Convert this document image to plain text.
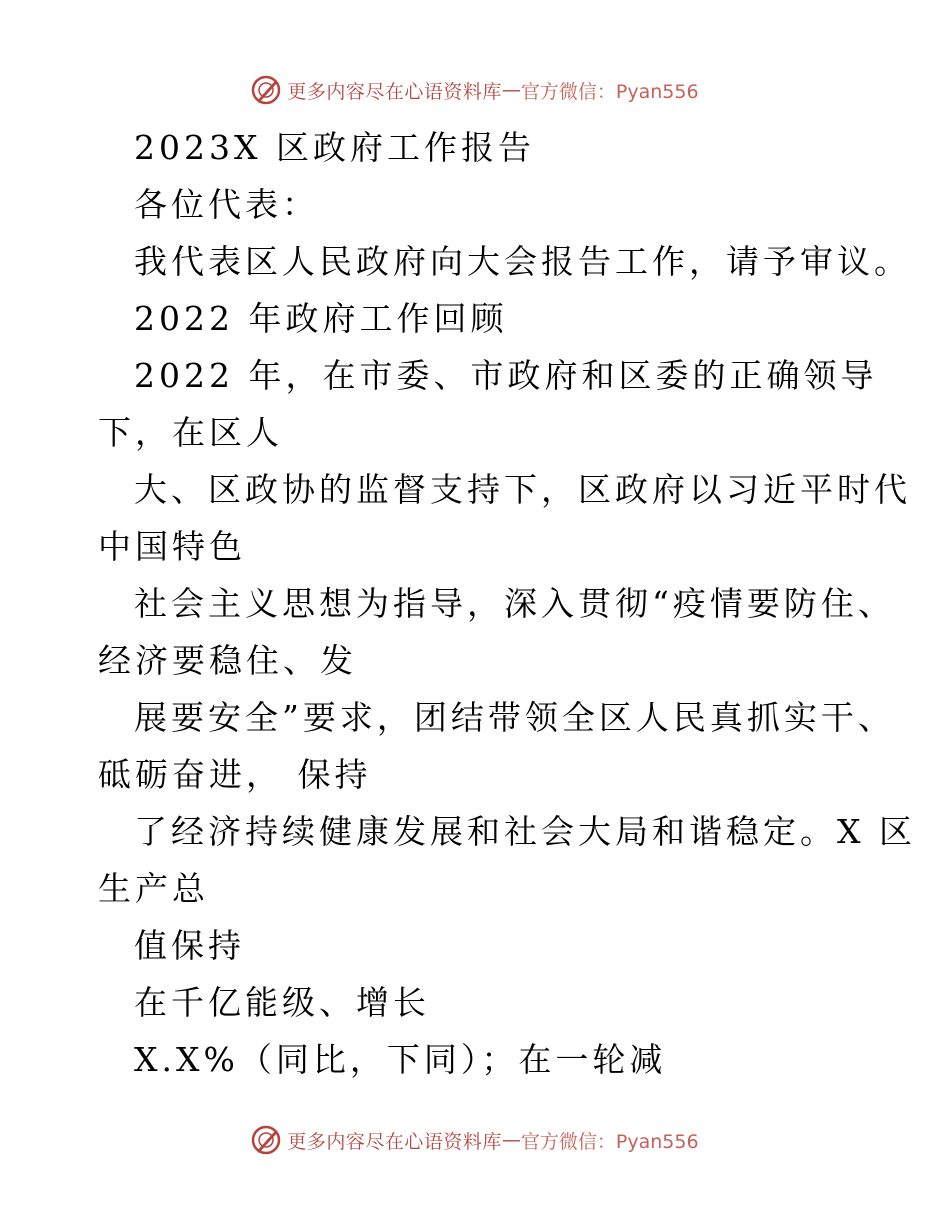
更多内容尽在心语资料库 — 官方微信：Pyan556

2023X 区政府工作报告

各位代表：

我代表区人民政府向大会报告工作，请予审议。

2022 年政府工作回顾

2022 年，在市委、市政府和区委的正确领导

下，在区人

大、区政协的监督支持下，区政府以习近平时代

中国特色

社会主义思想为指导，深入贯彻“疫情要防住、

经济要稳住、发

展要安全”要求，团结带领全区人民真抓实干、

砥砺奋进， 保持

了经济持续健康发展和社会大局和谐稳定。X 区

生产总

值保持

在千亿能级、增长

X.X%（同比，下同）；在一轮减

更多内容尽在心语资料库 — 官方微信：Pyan556
